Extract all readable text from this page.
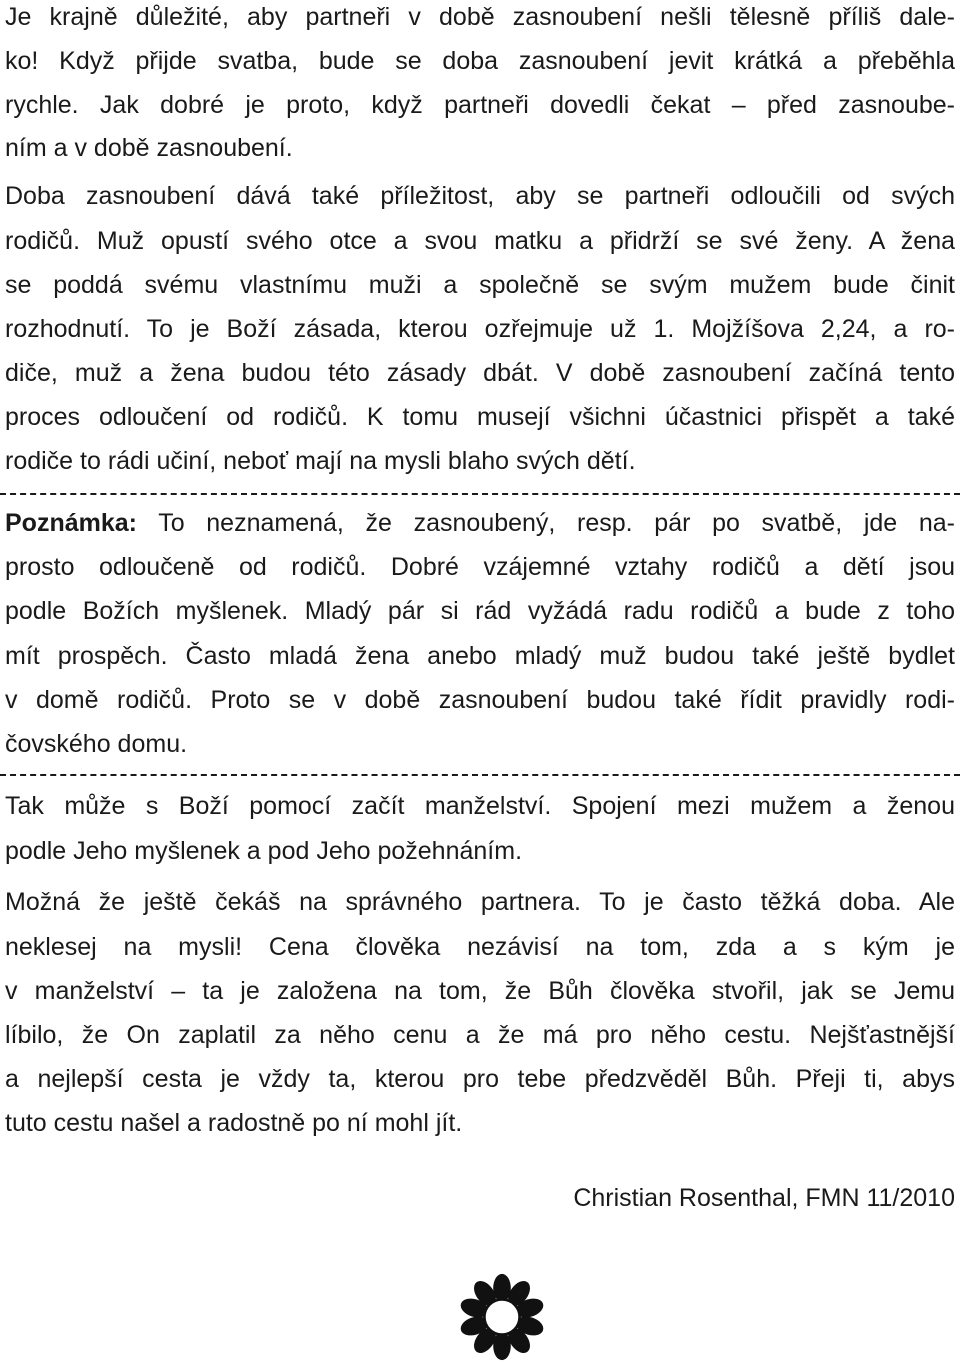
Je krajně důležité, aby partneři v době zasnoubení nešli tělesně příliš dale-
ko! Když přijde svatba, bude se doba zasnoubení jevit krátká a přeběhla
rychle. Jak dobré je proto, když partneři dovedli čekat – před zasnoube-
ním a v době zasnoubení.
Doba zasnoubení dává také příležitost, aby se partneři odloučili od svých
rodičů. Muž opustí svého otce a svou matku a přidrží se své ženy. A žena
se poddá svému vlastnímu muži a společně se svým mužem bude činit
rozhodnutí. To je Boží zásada, kterou ozřejmuje už 1. Mojžíšova 2,24, a ro-
diče, muž a žena budou této zásady dbát. V době zasnoubení začíná tento
proces odloučení od rodičů. K tomu musejí všichni účastnici přispět a také
rodiče to rádi učiní, neboť mají na mysli blaho svých dětí.
Poznámka: To neznamená, že zasnoubený, resp. pár po svatbě, jde na-
prosto odloučeně od rodičů. Dobré vzájemné vztahy rodičů a dětí jsou
podle Božích myšlenek. Mladý pár si rád vyžádá radu rodičů a bude z toho
mít prospěch. Často mladá žena anebo mladý muž budou také ještě bydlet
v domě rodičů. Proto se v době zasnoubení budou také řídit pravidly rodi-
čovského domu.
Tak může s Boží pomocí začít manželství. Spojení mezi mužem a ženou
podle Jeho myšlenek a pod Jeho požehnáním.
Možná že ještě čekáš na správného partnera. To je často těžká doba. Ale
neklesej na mysli! Cena člověka nezávisí na tom, zda a s kým je
v manželství – ta je založena na tom, že Bůh člověka stvořil, jak se Jemu
líbilo, že On zaplatil za něho cenu a že má pro něho cestu. Nejšťastnější
a nejlepší cesta je vždy ta, kterou pro tebe předzvěděl Bůh. Přeji ti, abys
tuto cestu našel a radostně po ní mohl jít.
Christian Rosenthal, FMN 11/2010
